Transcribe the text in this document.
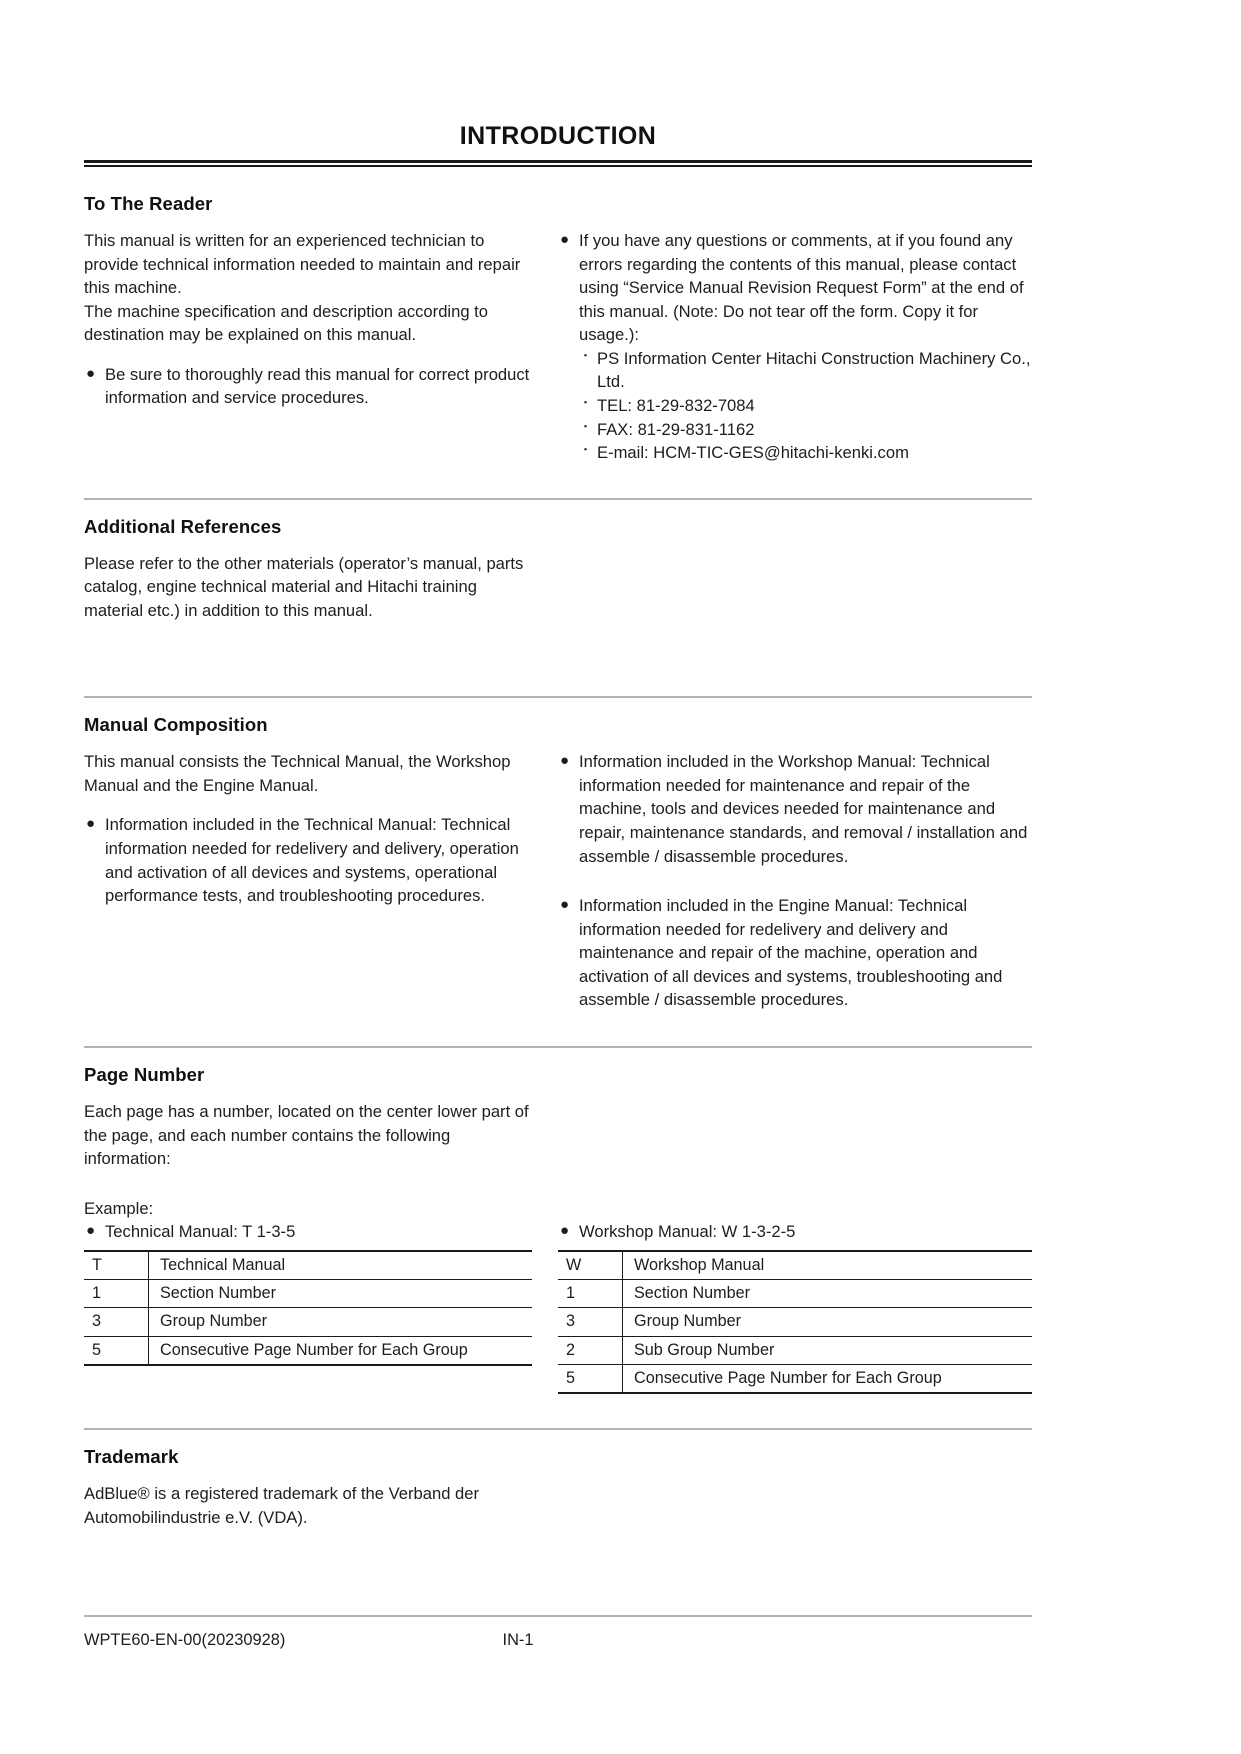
INTRODUCTION
To The Reader

This manual is written for an experienced technician to provide technical information needed to maintain and repair this machine.

The machine specification and description according to destination may be explained on this manual.

● Be sure to thoroughly read this manual for correct product information and service procedures.
● If you have any questions or comments, at if you found any errors regarding the contents of this manual, please contact using “Service Manual Revision Request Form” at the end of this manual. (Note: Do not tear off the form. Copy it for usage.):
・ PS Information Center Hitachi Construction Machinery Co., Ltd.
・ TEL: 81-29-832-7084
・ FAX: 81-29-831-1162
・ E-mail: HCM-TIC-GES@hitachi-kenki.com
Additional References

Please refer to the other materials (operator’s manual, parts catalog, engine technical material and Hitachi training material etc.) in addition to this manual.

Manual Composition

This manual consists the Technical Manual, the Workshop Manual and the Engine Manual.

● Information included in the Technical Manual: Technical information needed for redelivery and delivery, operation and activation of all devices and systems, operational performance tests, and troubleshooting procedures.
● Information included in the Workshop Manual: Technical information needed for maintenance and repair of the machine, tools and devices needed for maintenance and repair, maintenance standards, and removal / installation and assemble / disassemble procedures.
● Information included in the Engine Manual: Technical information needed for redelivery and delivery and maintenance and repair of the machine, operation and activation of all devices and systems, troubleshooting and assemble / disassemble procedures.
Page Number

Each page has a number, located on the center lower part of the page, and each number contains the following information:

Example:

● Technical Manual: T 1-3-5
T	Technical Manual
1	Section Number
3	Group Number
5	Consecutive Page Number for Each Group

● Workshop Manual: W 1-3-2-5
W	Workshop Manual
1	Section Number
3	Group Number
2	Sub Group Number
5	Consecutive Page Number for Each Group
Trademark

AdBlue® is a registered trademark of the Verband der Automobilindustrie e.V. (VDA).

WPTE60-EN-00(20230928)	IN-1
